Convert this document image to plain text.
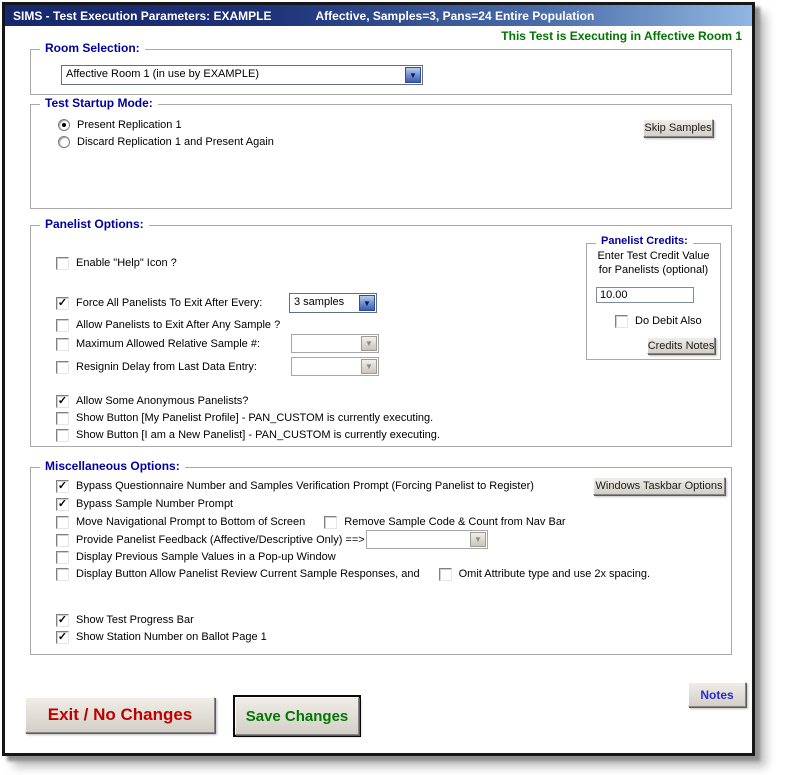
SIMS - Test Execution Parameters: EXAMPLE	Affective, Samples=3, Pans=24 Entire Population
This Test is Executing in Affective Room 1
Room Selection:
Affective Room 1 (in use by EXAMPLE)	▼
Test Startup Mode:
Present Replication 1
Discard Replication 1 and Present Again
Skip Samples
Panelist Options:
Enable "Help" Icon ?
✓ Force All Panelists To Exit After Every:	3 samples	▼
Allow Panelists to Exit After Any Sample ?
Maximum Allowed Relative Sample #:	▼
Resignin Delay from Last Data Entry:	▼
✓ Allow Some Anonymous Panelists?
Show Button [My Panelist Profile] - PAN_CUSTOM is currently executing.
Show Button [I am a New Panelist] - PAN_CUSTOM is currently executing.
Panelist Credits:
Enter Test Credit Value
for Panelists (optional)
10.00
Do Debit Also
Credits Notes
Miscellaneous Options:
✓ Bypass Questionnaire Number and Samples Verification Prompt (Forcing Panelist to Register)	Windows Taskbar Options
✓ Bypass Sample Number Prompt
Move Navigational Prompt to Bottom of Screen	Remove Sample Code & Count from Nav Bar
Provide Panelist Feedback (Affective/Descriptive Only) ==>	▼
Display Previous Sample Values in a Pop-up Window
Display Button Allow Panelist Review Current Sample Responses, and	Omit Attribute type and use 2x spacing.
✓ Show Test Progress Bar
✓ Show Station Number on Ballot Page 1
Exit / No Changes	Save Changes
Notes
